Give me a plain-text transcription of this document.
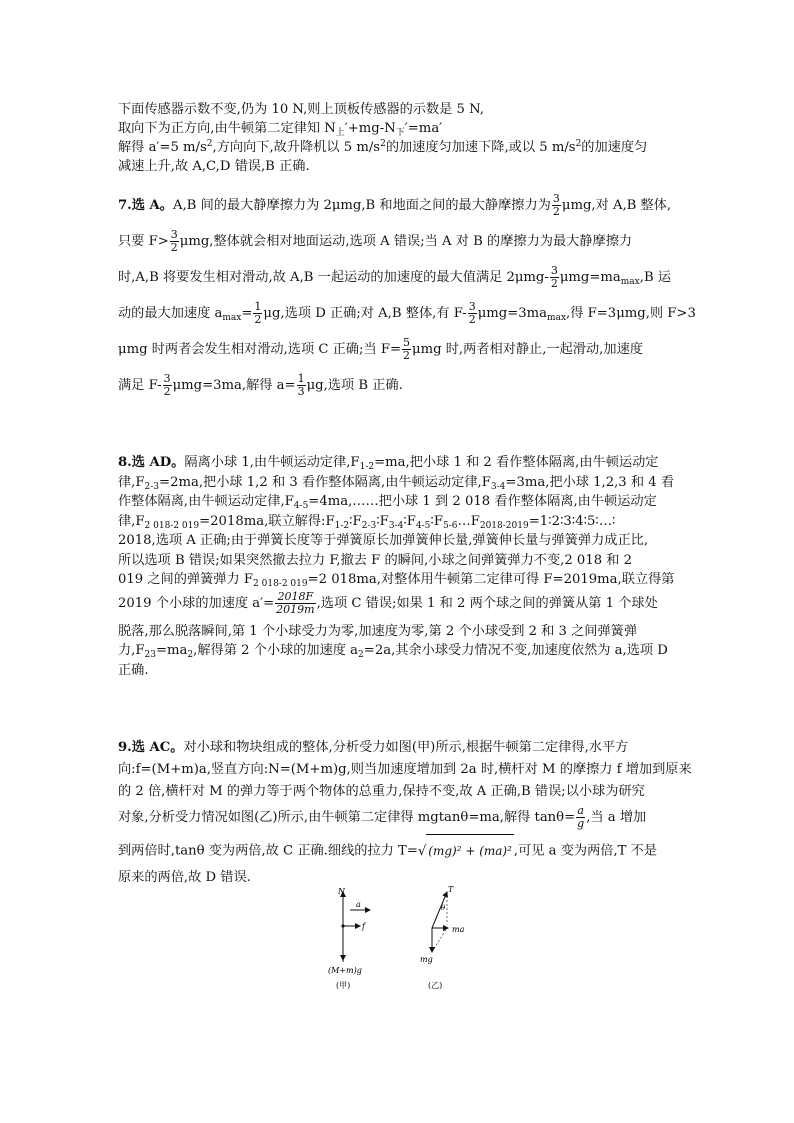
下面传感器示数不变,仍为 10 N,则上顶板传感器的示数是 5 N,
取向下为正方向,由牛顿第二定律知 $N_上'+mg-N_下'=ma'$
解得 a′=5 $m/s^2$,方向向下,故升降机以 5 $m/s^2$的加速度匀加速下降,或以 5 $m/s^2$的加速度匀
减速上升,故 A,C,D 错误,B 正确.
7.选 A。A,B 间的最大静摩擦力为 2μmg,B 和地面之间的最大静摩擦力为 $\frac{3}{2} \mu mg$,对 A,B 整体,
只要 $F> \frac{3}{2} \mu mg$,整体就会相对地面运动,选项 A 错误;当 A 对 B 的摩擦力为最大静摩擦力
时,A,B 将要发生相对滑动,故 A,B 一起运动的加速度的最大值满足 $2\mu mg- \frac{3}{2} \mu mg=ma_{max},B$ 运
动的最大加速度 $a_{max}= \frac{1}{2} \mu g$,选项 D 正确;对 A,B 整体,有 $F- \frac{3}{2} \mu mg=3ma_{max}$,得 F=3μmg,则 F>3
μmg 时两者会发生相对滑动,选项 C 正确;当 $F= \frac{5}{2}$ μmg 时,两者相对静止,一起滑动,加速度
满足 $F- \frac{3}{2} \mu mg=3ma$,解得 $a= \frac{1}{3} \mu g$,选项 B 正确.
8.选 AD。隔离小球 1,由牛顿运动定律$,F_{1-2}=ma$,把小球 1 和 2 看作整体隔离,由牛顿运动定
律$,F_{2-3}=2ma$,把小球 1,2 和 3 看作整体隔离,由牛顿运动定律$,F_{3-4}=3ma$,把小球 1,2,3 和 4 看
作整体隔离,由牛顿运动定律$,F_{4-5}=4ma,\dots\dots$把小球 1 到 2 018 看作整体隔离,由牛顿运动定
律$,F_{2 018-2 019}=2018ma$,联立解得$:F_{1-2}∶F_{2-3}∶F_{3-4}∶F_{4-5}∶F_{5-6}\dots F_{2018-2019}=1∶2∶3∶4∶5∶\dots∶$
2018,选项 A 正确;由于弹簧长度等于弹簧原长加弹簧伸长量,弹簧伸长量与弹簧弹力成正比,
所以选项 B 错误;如果突然撤去拉力 F,撤去 F 的瞬间,小球之间弹簧弹力不变,2 018 和 2
019 之间的弹簧弹力 $F_{2 018-2 019}=2$ 018ma,对整体用牛顿第二定律可得 F=2019ma,联立得第
2019 个小球的加速度 $a'= \frac{2018F}{2019m}$ ,选项 C 错误;如果 1 和 2 两个球之间的弹簧从第 1 个球处
脱落,那么脱落瞬间,第 1 个小球受力为零,加速度为零,第 2 个小球受到 2 和 3 之间弹簧弹
力$,F_{23}=ma_2$,解得第 2 个小球的加速度 $a_2=2a$,其余小球受力情况不变,加速度依然为 a,选项 D
正确.
9.选 AC。对小球和物块组成的整体,分析受力如图(甲)所示,根据牛顿第二定律得,水平方
向:f=(M+m)a,竖直方向:N=(M+m)g,则当加速度增加到 2a 时,横杆对 M 的摩擦力 f 增加到原来
的 2 倍,横杆对 M 的弹力等于两个物体的总重力,保持不变,故 A 正确,B 错误;以小球为研究
对象,分析受力情况如图(乙)所示,由牛顿第二定律得 mgtanθ=ma,解得 $\tan\theta= \frac{a}{g}$ ,当 a 增加
到两倍时,tanθ 变为两倍,故 C 正确.细线的拉力 T=√ (mg)² + (ma)² ,可见 a 变为两倍,T 不是
原来的两倍,故 D 错误.
N
a
f
(M+m)g
(甲)
T
θ
ma
mg
(乙)
